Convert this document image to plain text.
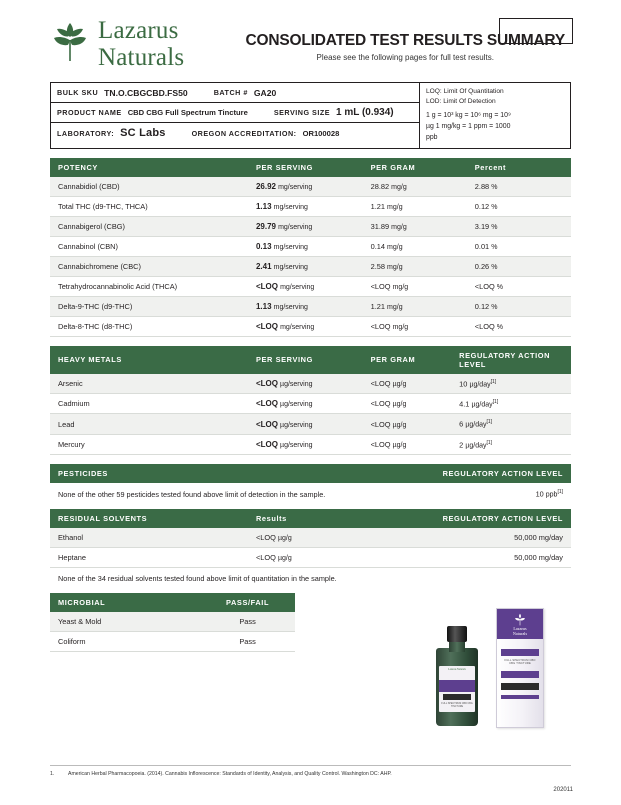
Lazarus
Naturals
CONSOLIDATED TEST RESULTS SUMMARY
Please see the following pages for full test results.
BULK SKU TN.O.CBGCBD.FS50	BATCH # GA20
PRODUCT NAME CBD CBG Full Spectrum Tincture	SERVING SIZE 1 mL (0.934)
LABORATORY: SC Labs	OREGON ACCREDITATION: OR100028
LOQ: Limit Of Quantitation
LOD: Limit Of Detection
1 g = 10³ kg = 10⁶ mg = 10⁹
µg 1 mg/kg = 1 ppm = 1000
ppb
POTENCY	PER SERVING	PER GRAM	Percent
Cannabidiol (CBD)	26.92 mg/serving	28.82 mg/g	2.88 %
Total THC (d9-THC, THCA)	1.13 mg/serving	1.21 mg/g	0.12 %
Cannabigerol (CBG)	29.79 mg/serving	31.89 mg/g	3.19 %
Cannabinol (CBN)	0.13 mg/serving	0.14 mg/g	0.01 %
Cannabichromene (CBC)	2.41 mg/serving	2.58 mg/g	0.26 %
Tetrahydrocannabinolic Acid (THCA)	<LOQ mg/serving	<LOQ mg/g	<LOQ %
Delta-9-THC (d9-THC)	1.13 mg/serving	1.21 mg/g	0.12 %
Delta-8-THC (d8-THC)	<LOQ mg/serving	<LOQ mg/g	<LOQ %
HEAVY METALS	PER SERVING	PER GRAM	REGULATORY ACTION LEVEL
Arsenic	<LOQ µg/serving	<LOQ µg/g	10 µg/day[1]
Cadmium	<LOQ µg/serving	<LOQ µg/g	4.1 µg/day[1]
Lead	<LOQ µg/serving	<LOQ µg/g	6 µg/day[1]
Mercury	<LOQ µg/serving	<LOQ µg/g	2 µg/day[1]
PESTICIDES	REGULATORY ACTION LEVEL
None of the other 59 pesticides tested found above limit of detection in the sample.	10 ppb[1]
RESIDUAL SOLVENTS	Results	REGULATORY ACTION LEVEL
Ethanol	<LOQ µg/g	50,000 mg/day
Heptane	<LOQ µg/g	50,000 mg/day
None of the 34 residual solvents tested found above limit of quantitation in the sample.
MICROBIAL	PASS/FAIL
Yeast & Mold	Pass
Coliform	Pass
Lazarus
Naturals
FULL SPECTRUM CBD CBG TINCTURE
Lazarus Naturals
FULL SPECTRUM CBD CBG TINCTURE
1.	American Herbal Pharmacopoeia. (2014). Cannabis Inflorescence: Standards of Identity, Analysis, and Quality Control. Washington DC: AHP.
202011
